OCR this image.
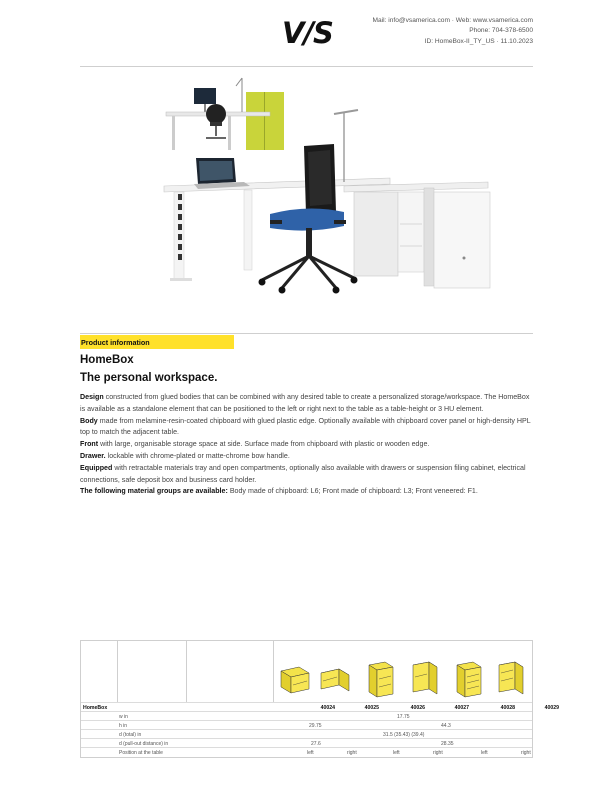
V/S	Mail: info@vsamerica.com · Web: www.vsamerica.com
Phone: 704-378-6500
ID: HomeBox-II_TY_US · 11.10.2023
Product information
HomeBox
The personal workspace.
Design constructed from glued bodies that can be combined with any desired table to create a personalized storage/workspace. The HomeBox is available as a standalone element that can be positioned to the left or right next to the table as a table-height or 3 HU element.
Body made from melamine-resin-coated chipboard with glued plastic edge. Optionally available with chipboard cover panel or high-density HPL top to match the adjacent table.
Front with large, organisable storage space at side. Surface made from chipboard with plastic or wooden edge.
Drawer. lockable with chrome-plated or matte-chrome bow handle.
Equipped with retractable materials tray and open compartments, optionally also available with drawers or suspension filing cabinet, electrical connections, safe deposit box and business card holder.
The following material groups are available: Body made of chipboard: L6; Front made of chipboard: L3; Front veneered: F1.
HomeBox	40024	40025	40026	40027	40028	40029
w in	17.75
h in	29.75	44.3
d (total) in	31.5 (35.43) (39.4)
d (pull-out distance) in	27.6	28.35
Position at the table	left	right	left	right	left	right
